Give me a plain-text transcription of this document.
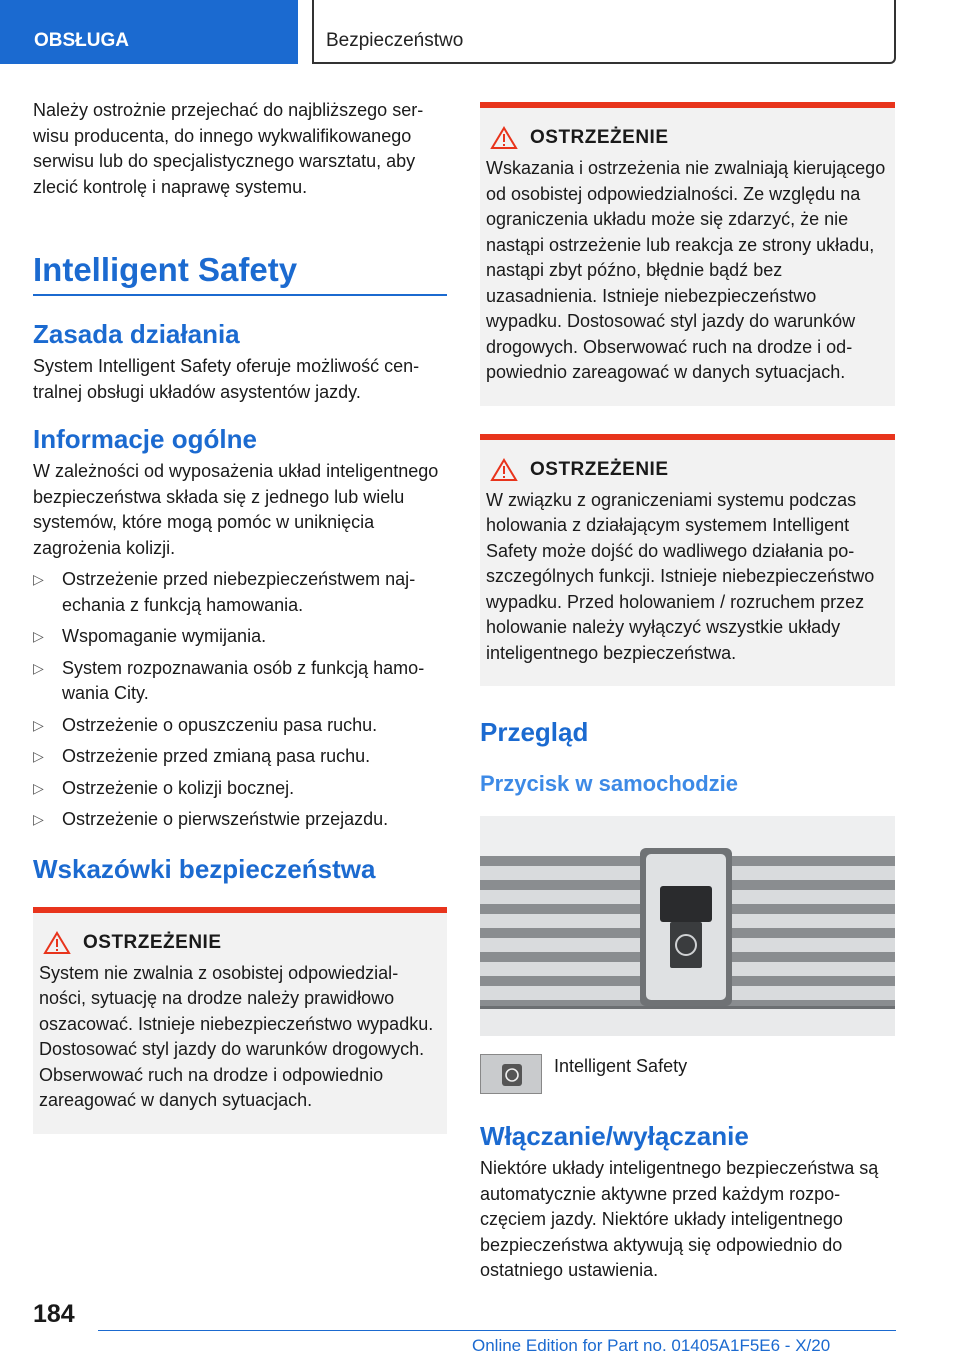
OBSŁUGA	Bezpieczeństwo

Należy ostrożnie przejechać do najbliższego serwisu producenta, do innego wykwalifikowanego serwisu lub do specjalistycznego warsztatu, aby zlecić kontrolę i naprawę systemu.

Intelligent Safety
Zasada działania

System Intelligent Safety oferuje możliwość centralnej obsługi układów asystentów jazdy.

Informacje ogólne

W zależności od wyposażenia układ inteligentnego bezpieczeństwa składa się z jednego lub wielu systemów, które mogą pomóc w uniknięcia zagrożenia kolizji.

▷ Ostrzeżenie przed niebezpieczeństwem najechania z funkcją hamowania.
▷ Wspomaganie wymijania.
▷ System rozpoznawania osób z funkcją hamowania City.
▷ Ostrzeżenie o opuszczeniu pasa ruchu.
▷ Ostrzeżenie przed zmianą pasa ruchu.
▷ Ostrzeżenie o kolizji bocznej.
▷ Ostrzeżenie o pierwszeństwie przejazdu.
Wskazówki bezpieczeństwa
OSTRZEŻENIE

System nie zwalnia z osobistej odpowiedzialności, sytuację na drodze należy prawidłowo oszacować. Istnieje niebezpieczeństwo wypadku. Dostosować styl jazdy do warunków drogowych. Obserwować ruch na drodze i odpowiednio zareagować w danych sytuacjach.

OSTRZEŻENIE

Wskazania i ostrzeżenia nie zwalniają kierującego od osobistej odpowiedzialności. Ze względu na ograniczenia układu może się zdarzyć, że nie nastąpi ostrzeżenie lub reakcja ze strony układu, nastąpi zbyt późno, błędnie bądź bez uzasadnienia. Istnieje niebezpieczeństwo wypadku. Dostosować styl jazdy do warunków drogowych. Obserwować ruch na drodze i odpowiednio zareagować w danych sytuacjach.

OSTRZEŻENIE

W związku z ograniczeniami systemu podczas holowania z działającym systemem Intelligent Safety może dojść do wadliwego działania poszczególnych funkcji. Istnieje niebezpieczeństwo wypadku. Przed holowaniem / rozruchem przez holowanie należy wyłączyć wszystkie układy inteligentnego bezpieczeństwa.

Przegląd
Przycisk w samochodzie
Intelligent Safety
Włączanie/wyłączanie

Niektóre układy inteligentnego bezpieczeństwa są automatycznie aktywne przed każdym rozpoczęciem jazdy. Niektóre układy inteligentnego bezpieczeństwa aktywują się odpowiednio do ostatniego ustawienia.

184
Online Edition for Part no. 01405A1F5E6 - X/20
